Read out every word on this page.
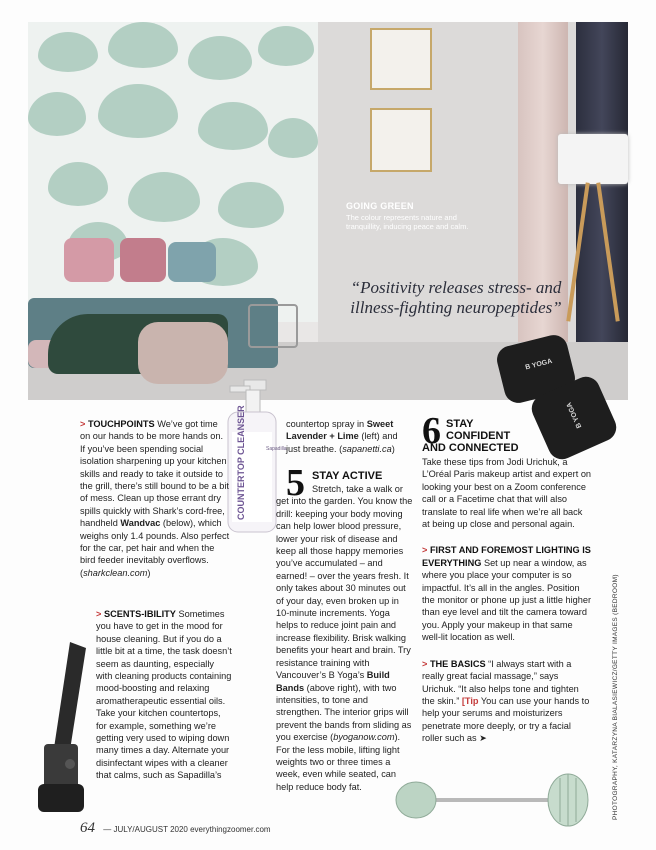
GOING GREEN
The colour represents nature and tranquillity, inducing peace and calm.
“Positivity releases stress- and illness-fighting neuropeptides”
B YOGA
B YOGA
Sapadilla
COUNTERTOP CLEANSER

> TOUCHPOINTS We’ve got time on our hands to be more hands on. If you’ve been spending social isolation sharpening up your kitchen skills and ready to take it outside to the grill, there’s still bound to be a bit of mess. Clean up those errant dry spills quickly with Shark’s cord-free, handheld Wandvac (below), which weighs only 1.4 pounds. Also perfect for the car, pet hair and when the bird feeder inevitably overflows. (sharkclean.com)

> SCENTS-IBILITY Sometimes you have to get in the mood for house cleaning. But if you do a little bit at a time, the task doesn’t seem as daunting, especially with cleaning products containing mood-boosting and relaxing aromatherapeutic essential oils. Take your kitchen countertops, for example, something we’re getting very used to wiping down many times a day. Alternate your disinfectant wipes with a cleaner that calms, such as Sapadilla’s

countertop spray in Sweet Lavender + Lime (left) and just breathe. (sapanetti.ca)

5 STAY ACTIVE

Stretch, take a walk or get into the garden. You know the drill: keeping your body moving can help lower blood pressure, lower your risk of disease and keep all those happy memories you’ve accumulated – and earned! – over the years fresh. It only takes about 30 minutes out of your day, even broken up in 10-minute increments. Yoga helps to reduce joint pain and increase flexibility. Brisk walking benefits your heart and brain. Try resistance training with Vancouver’s B Yoga’s Build Bands (above right), with two intensities, to tone and strengthen. The interior grips will prevent the bands from sliding as you exercise (byoganow.com). For the less mobile, lifting light weights two or three times a week, even while seated, can help reduce body fat.

6 STAY
CONFIDENT
AND CONNECTED

Take these tips from Jodi Urichuk, a L’Oréal Paris makeup artist and expert on looking your best on a Zoom conference call or a Facetime chat that will also translate to real life when we’re all back at being up close and personal again.

> FIRST AND FOREMOST LIGHTING IS EVERYTHING Set up near a window, as where you place your computer is so impactful. It’s all in the angles. Position the monitor or phone up just a little higher than eye level and tilt the camera toward you. Apply your makeup in that same well-lit location as well.

> THE BASICS “I always start with a really great facial massage,” says Urichuk. “It also helps tone and tighten the skin.” [Tip You can use your hands to help your serums and moisturizers penetrate more deeply, or try a facial roller such as ➤

64 — JULY/AUGUST 2020 everythingzoomer.com
PHOTOGRAPHY, KATARZYNA BIALASIEWICZ/GETTY IMAGES (BEDROOM)
